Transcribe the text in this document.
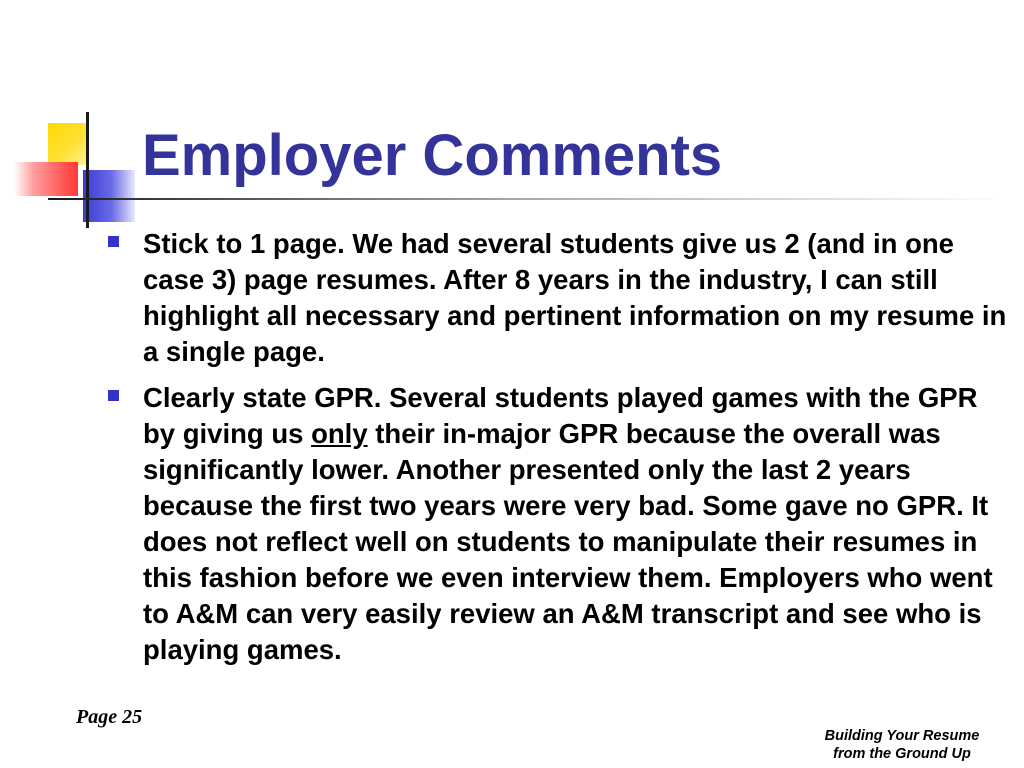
Employer Comments
Stick to 1 page. We had several students give us 2 (and in one case 3) page resumes. After 8 years in the industry, I can still highlight all necessary and pertinent information on my resume in a single page.
Clearly state GPR. Several students played games with the GPR by giving us only their in-major GPR because the overall was significantly lower. Another presented only the last 2 years because the first two years were very bad. Some gave no GPR. It does not reflect well on students to manipulate their resumes in this fashion before we even interview them. Employers who went to A&M can very easily review an A&M transcript and see who is playing games.
Page 25
Building Your Resume
from the Ground Up
